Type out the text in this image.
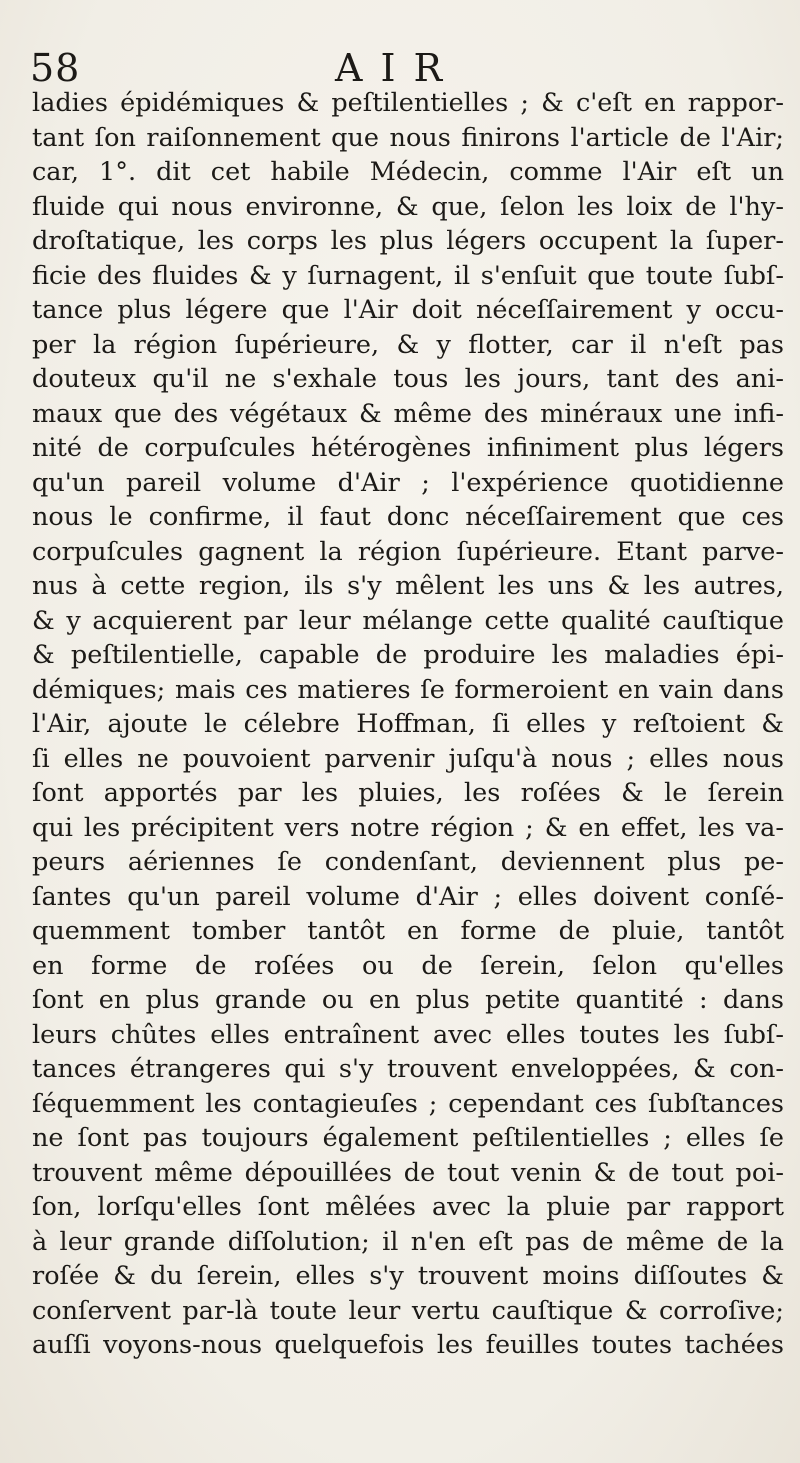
58	AIR
ladies épidémiques & peſtilentielles ; & c'eſt en rappor-
tant ſon raiſonnement que nous finirons l'article de l'Air;
car, 1°. dit cet habile Médecin, comme l'Air eſt un
fluide qui nous environne, & que, ſelon les loix de l'hy-
droſtatique, les corps les plus légers occupent la ſuper-
ficie des fluides & y ſurnagent, il s'enſuit que toute ſubſ-
tance plus légere que l'Air doit néceſſairement y occu-
per la région ſupérieure, & y flotter, car il n'eſt pas
douteux qu'il ne s'exhale tous les jours, tant des ani-
maux que des végétaux & même des minéraux une infi-
nité de corpuſcules hétérogènes infiniment plus légers
qu'un pareil volume d'Air ; l'expérience quotidienne
nous le confirme, il faut donc néceſſairement que ces
corpuſcules gagnent la région ſupérieure. Etant parve-
nus à cette region, ils s'y mêlent les uns & les autres,
& y acquierent par leur mélange cette qualité cauſtique
& peſtilentielle, capable de produire les maladies épi-
démiques; mais ces matieres ſe formeroient en vain dans
l'Air, ajoute le célebre Hoffman, ſi elles y reſtoient &
ſi elles ne pouvoient parvenir juſqu'à nous ; elles nous
ſont apportés par les pluies, les roſées & le ſerein
qui les précipitent vers notre région ; & en effet, les va-
peurs aériennes ſe condenſant, deviennent plus pe-
ſantes qu'un pareil volume d'Air ; elles doivent conſé-
quemment tomber tantôt en forme de pluie, tantôt
en forme de roſées ou de ſerein, ſelon qu'elles
ſont en plus grande ou en plus petite quantité : dans
leurs chûtes elles entraînent avec elles toutes les ſubſ-
tances étrangeres qui s'y trouvent enveloppées, & con-
ſéquemment les contagieuſes ; cependant ces ſubſtances
ne ſont pas toujours également peſtilentielles ; elles ſe
trouvent même dépouillées de tout venin & de tout poi-
ſon, lorſqu'elles ſont mêlées avec la pluie par rapport
à leur grande diſſolution; il n'en eſt pas de même de la
roſée & du ſerein, elles s'y trouvent moins diſſoutes &
conſervent par-là toute leur vertu cauſtique & corroſive;
auſſi voyons-nous quelquefois les feuilles toutes tachées
